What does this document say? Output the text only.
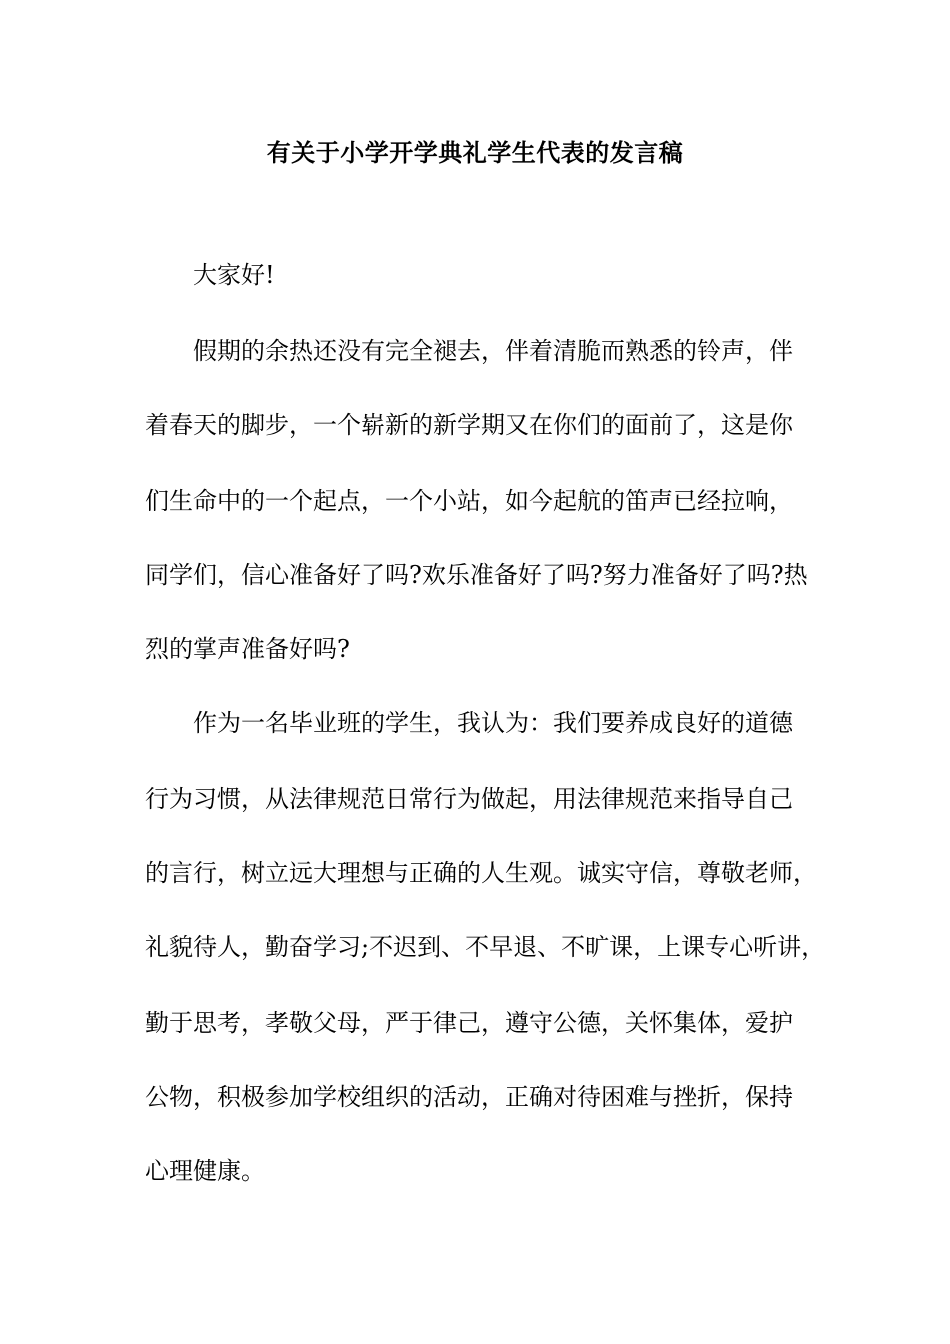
有关于小学开学典礼学生代表的发言稿

大家好!

假期的余热还没有完全褪去，伴着清脆而熟悉的铃声，伴

着春天的脚步，一个崭新的新学期又在你们的面前了，这是你

们生命中的一个起点，一个小站，如今起航的笛声已经拉响，

同学们，信心准备好了吗?欢乐准备好了吗?努力准备好了吗?热

烈的掌声准备好吗?

作为一名毕业班的学生，我认为：我们要养成良好的道德

行为习惯，从法律规范日常行为做起，用法律规范来指导自己

的言行，树立远大理想与正确的人生观。诚实守信，尊敬老师，

礼貌待人，勤奋学习;不迟到、不早退、不旷课，上课专心听讲，

勤于思考，孝敬父母，严于律己，遵守公德，关怀集体，爱护

公物，积极参加学校组织的活动，正确对待困难与挫折，保持

心理健康。
